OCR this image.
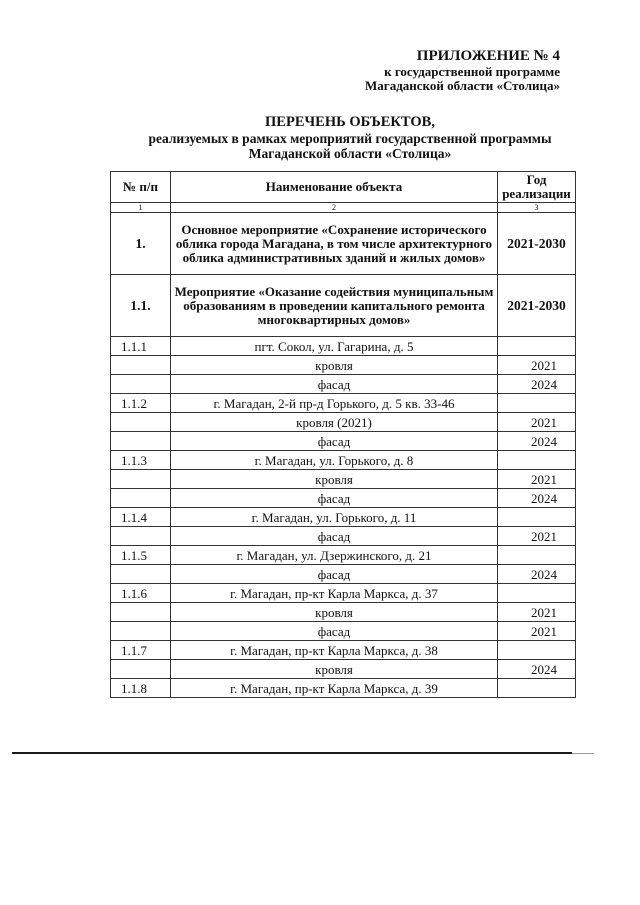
ПРИЛОЖЕНИЕ № 4
к государственной программе
Магаданской области «Столица»
ПЕРЕЧЕНЬ ОБЪЕКТОВ,
реализуемых в рамках мероприятий государственной программы
Магаданской области «Столица»
№ п/п	Наименование объекта	Год реализации
1	2	3
1.	Основное мероприятие «Сохранение исторического облика города Магадана, в том числе архитектурного облика административных зданий и жилых домов»	2021-2030
1.1.	Мероприятие «Оказание содействия муниципальным образованиям в проведении капитального ремонта многоквартирных домов»	2021-2030
1.1.1	пгт. Сокол, ул. Гагарина, д. 5	
	кровля	2021
	фасад	2024
1.1.2	г. Магадан, 2-й пр-д Горького, д. 5 кв. 33-46	
	кровля (2021)	2021
	фасад	2024
1.1.3	г. Магадан, ул. Горького, д. 8	
	кровля	2021
	фасад	2024
1.1.4	г. Магадан, ул. Горького, д. 11	
	фасад	2021
1.1.5	г. Магадан, ул. Дзержинского, д. 21	
	фасад	2024
1.1.6	г. Магадан, пр-кт Карла Маркса, д. 37	
	кровля	2021
	фасад	2021
1.1.7	г. Магадан, пр-кт Карла Маркса, д. 38	
	кровля	2024
1.1.8	г. Магадан, пр-кт Карла Маркса, д. 39	
